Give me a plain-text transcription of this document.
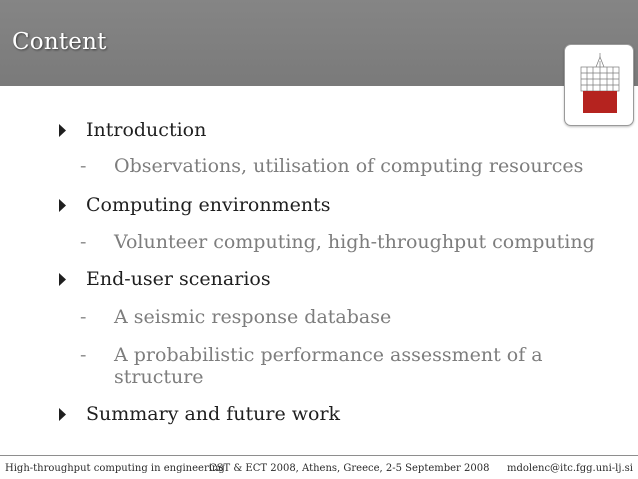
Content
Introduction
-	Observations, utilisation of computing resources
Computing environments
-	Volunteer computing, high-throughput computing
End-user scenarios
-	A seismic response database
-	A probabilistic performance assessment of a
structure
Summary and future work
High-throughput computing in engineering
CST & ECT 2008, Athens, Greece, 2-5 September 2008 mdolenc@itc.fgg.uni-lj.si
